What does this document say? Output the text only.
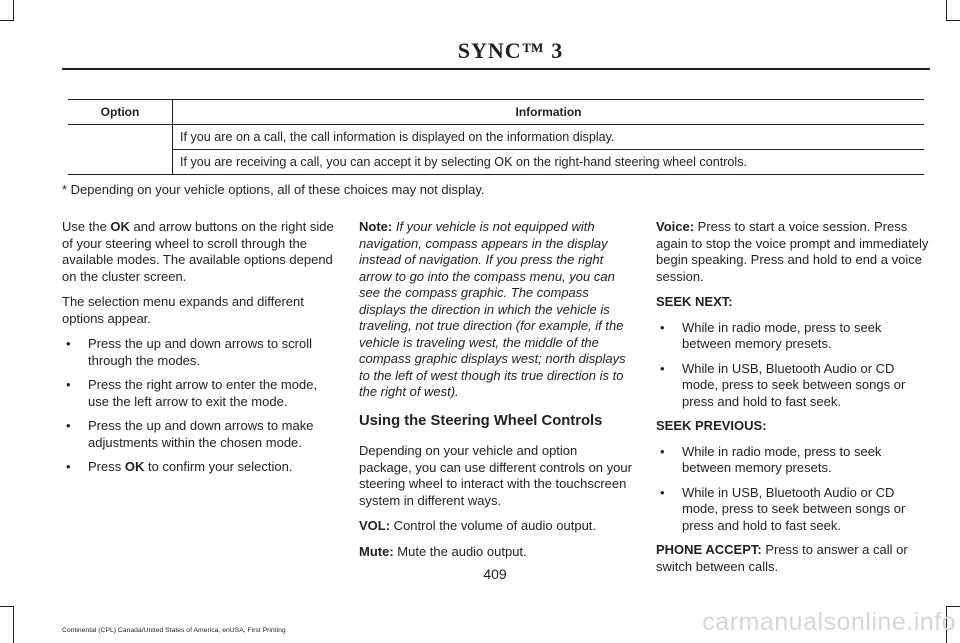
SYNC™ 3
Option	Information
	If you are on a call, the call information is displayed on the information display.
	If you are receiving a call, you can accept it by selecting OK on the right-hand steering wheel controls.
* Depending on your vehicle options, all of these choices may not display.

Use the OK and arrow buttons on the right side of your steering wheel to scroll through the available modes. The available options depend on the cluster screen.

The selection menu expands and different options appear.

• Press the up and down arrows to scroll through the modes.
• Press the right arrow to enter the mode, use the left arrow to exit the mode.
• Press the up and down arrows to make adjustments within the chosen mode.
• Press OK to confirm your selection.

Note: If your vehicle is not equipped with navigation, compass appears in the display instead of navigation. If you press the right arrow to go into the compass menu, you can see the compass graphic. The compass displays the direction in which the vehicle is traveling, not true direction (for example, if the vehicle is traveling west, the middle of the compass graphic displays west; north displays to the left of west though its true direction is to the right of west).

Using the Steering Wheel Controls

Depending on your vehicle and option package, you can use different controls on your steering wheel to interact with the touchscreen system in different ways.

VOL: Control the volume of audio output.

Mute: Mute the audio output.

Voice: Press to start a voice session. Press again to stop the voice prompt and immediately begin speaking. Press and hold to end a voice session.

SEEK NEXT:

• While in radio mode, press to seek between memory presets.
• While in USB, Bluetooth Audio or CD mode, press to seek between songs or press and hold to fast seek.

SEEK PREVIOUS:

• While in radio mode, press to seek between memory presets.
• While in USB, Bluetooth Audio or CD mode, press to seek between songs or press and hold to fast seek.

PHONE ACCEPT: Press to answer a call or switch between calls.

409
Continental (CPL) Canada/United States of America, enUSA, First Printing	carmanualsonline.info
